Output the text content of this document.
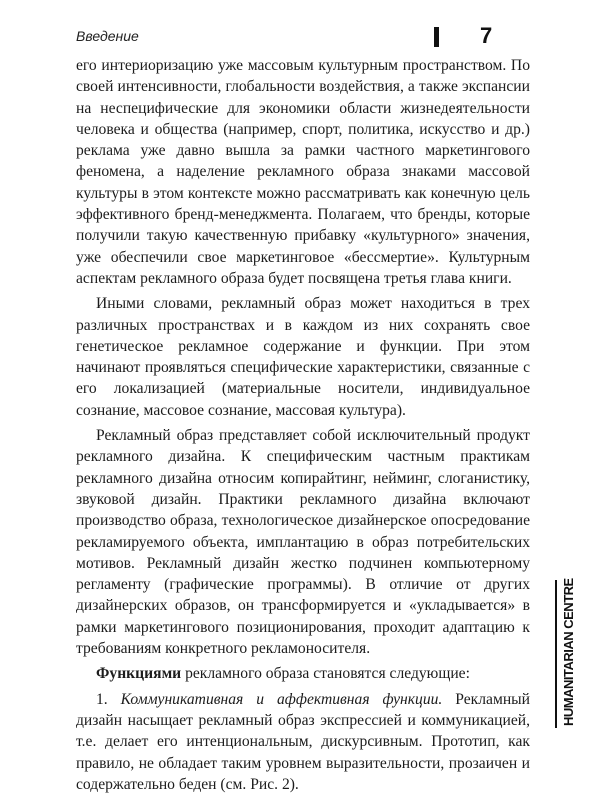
Введение	7

его интериоризацию уже массовым культурным пространством. По своей интенсивности, глобальности воздействия, а также экспансии на неспецифические для экономики области жизнедеятельности человека и общества (например, спорт, политика, искусство и др.) реклама уже давно вышла за рамки частного маркетингового феномена, а наделение рекламного образа знаками массовой культуры в этом контексте можно рассматривать как конечную цель эффективного бренд-менеджмента. Полагаем, что бренды, которые получили такую качественную прибавку «культурного» значения, уже обеспечили свое маркетинговое «бессмертие». Культурным аспектам рекламного образа будет посвящена третья глава книги.

Иными словами, рекламный образ может находиться в трех различных пространствах и в каждом из них сохранять свое генетическое рекламное содержание и функции. При этом начинают проявляться специфические характеристики, связанные с его локализацией (материальные носители, индивидуальное сознание, массовое сознание, массовая культура).

Рекламный образ представляет собой исключительный продукт рекламного дизайна. К специфическим частным практикам рекламного дизайна относим копирайтинг, нейминг, слоганистику, звуковой дизайн. Практики рекламного дизайна включают производство образа, технологическое дизайнерское опосредование рекламируемого объекта, имплантацию в образ потребительских мотивов. Рекламный дизайн жестко подчинен компьютерному регламенту (графические программы). В отличие от других дизайнерских образов, он трансформируется и «укладывается» в рамки маркетингового позиционирования, проходит адаптацию к требованиям конкретного рекламоносителя.

Функциями рекламного образа становятся следующие:

1. Коммуникативная и аффективная функции. Рекламный дизайн насыщает рекламный образ экспрессией и коммуникацией, т.е. делает его интенциональным, дискурсивным. Прототип, как правило, не обладает таким уровнем выразительности, прозаичен и содержательно беден (см. Рис. 2).

HUMANITARIAN CENTRE
